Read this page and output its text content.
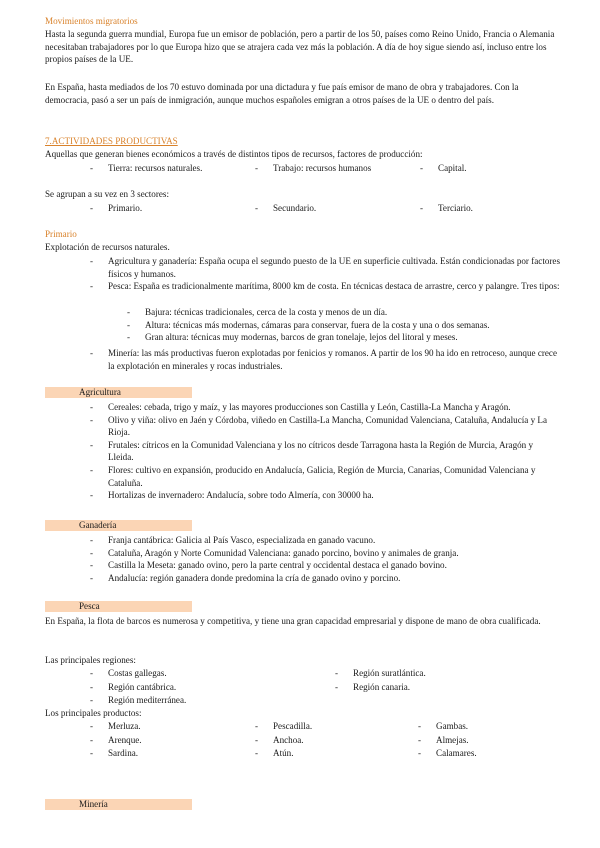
Movimientos migratorios

Hasta la segunda guerra mundial, Europa fue un emisor de población, pero a partir de los 50, países como Reino Unido, Francia o Alemania necesitaban trabajadores por lo que Europa hizo que se atrajera cada vez más la población. A día de hoy sigue siendo así, incluso entre los propios países de la UE.

En España, hasta mediados de los 70 estuvo dominada por una dictadura y fue país emisor de mano de obra y trabajadores. Con la democracia, pasó a ser un país de inmigración, aunque muchos españoles emigran a otros países de la UE o dentro del país.

7.ACTIVIDADES PRODUCTIVAS

Aquellas que generan bienes económicos a través de distintos tipos de recursos, factores de producción:

- Tierra: recursos naturales.	- Trabajo: recursos humanos	- Capital.

Se agrupan a su vez en 3 sectores:

- Primario.	- Secundario.	- Terciario.

Primario

Explotación de recursos naturales.

- Agricultura y ganadería: España ocupa el segundo puesto de la UE en superficie cultivada. Están condicionadas por factores físicos y humanos.
- Pesca: España es tradicionalmente marítima, 8000 km de costa. En técnicas destaca de arrastre, cerco y palangre. Tres tipos:
- Bajura: técnicas tradicionales, cerca de la costa y menos de un día.
- Altura: técnicas más modernas, cámaras para conservar, fuera de la costa y una o dos semanas.
- Gran altura: técnicas muy modernas, barcos de gran tonelaje, lejos del litoral y meses.
- Minería: las más productivas fueron explotadas por fenicios y romanos. A partir de los 90 ha ido en retroceso, aunque crece la explotación en minerales y rocas industriales.
Agricultura
- Cereales: cebada, trigo y maíz, y las mayores producciones son Castilla y León, Castilla-La Mancha y Aragón.
- Olivo y viña: olivo en Jaén y Córdoba, viñedo en Castilla-La Mancha, Comunidad Valenciana, Cataluña, Andalucía y La Rioja.
- Frutales: cítricos en la Comunidad Valenciana y los no cítricos desde Tarragona hasta la Región de Murcia, Aragón y Lleida.
- Flores: cultivo en expansión, producido en Andalucía, Galicia, Región de Murcia, Canarias, Comunidad Valenciana y Cataluña.
- Hortalizas de invernadero: Andalucía, sobre todo Almería, con 30000 ha.
Ganadería
- Franja cantábrica: Galicia al País Vasco, especializada en ganado vacuno.
- Cataluña, Aragón y Norte Comunidad Valenciana: ganado porcino, bovino y animales de granja.
- Castilla la Meseta: ganado ovino, pero la parte central y occidental destaca el ganado bovino.
- Andalucía: región ganadera donde predomina la cría de ganado ovino y porcino.
Pesca

En España, la flota de barcos es numerosa y competitiva, y tiene una gran capacidad empresarial y dispone de mano de obra cualificada.

Las principales regiones:

- Costas gallegas.	- Región suratlántica.
- Región cantábrica.	- Región canaria.
- Región mediterránea.

Los principales productos:

- Merluza.	- Pescadilla.	- Gambas.
- Arenque.	- Anchoa.	- Almejas.
- Sardina.	- Atún.	- Calamares.
Minería
